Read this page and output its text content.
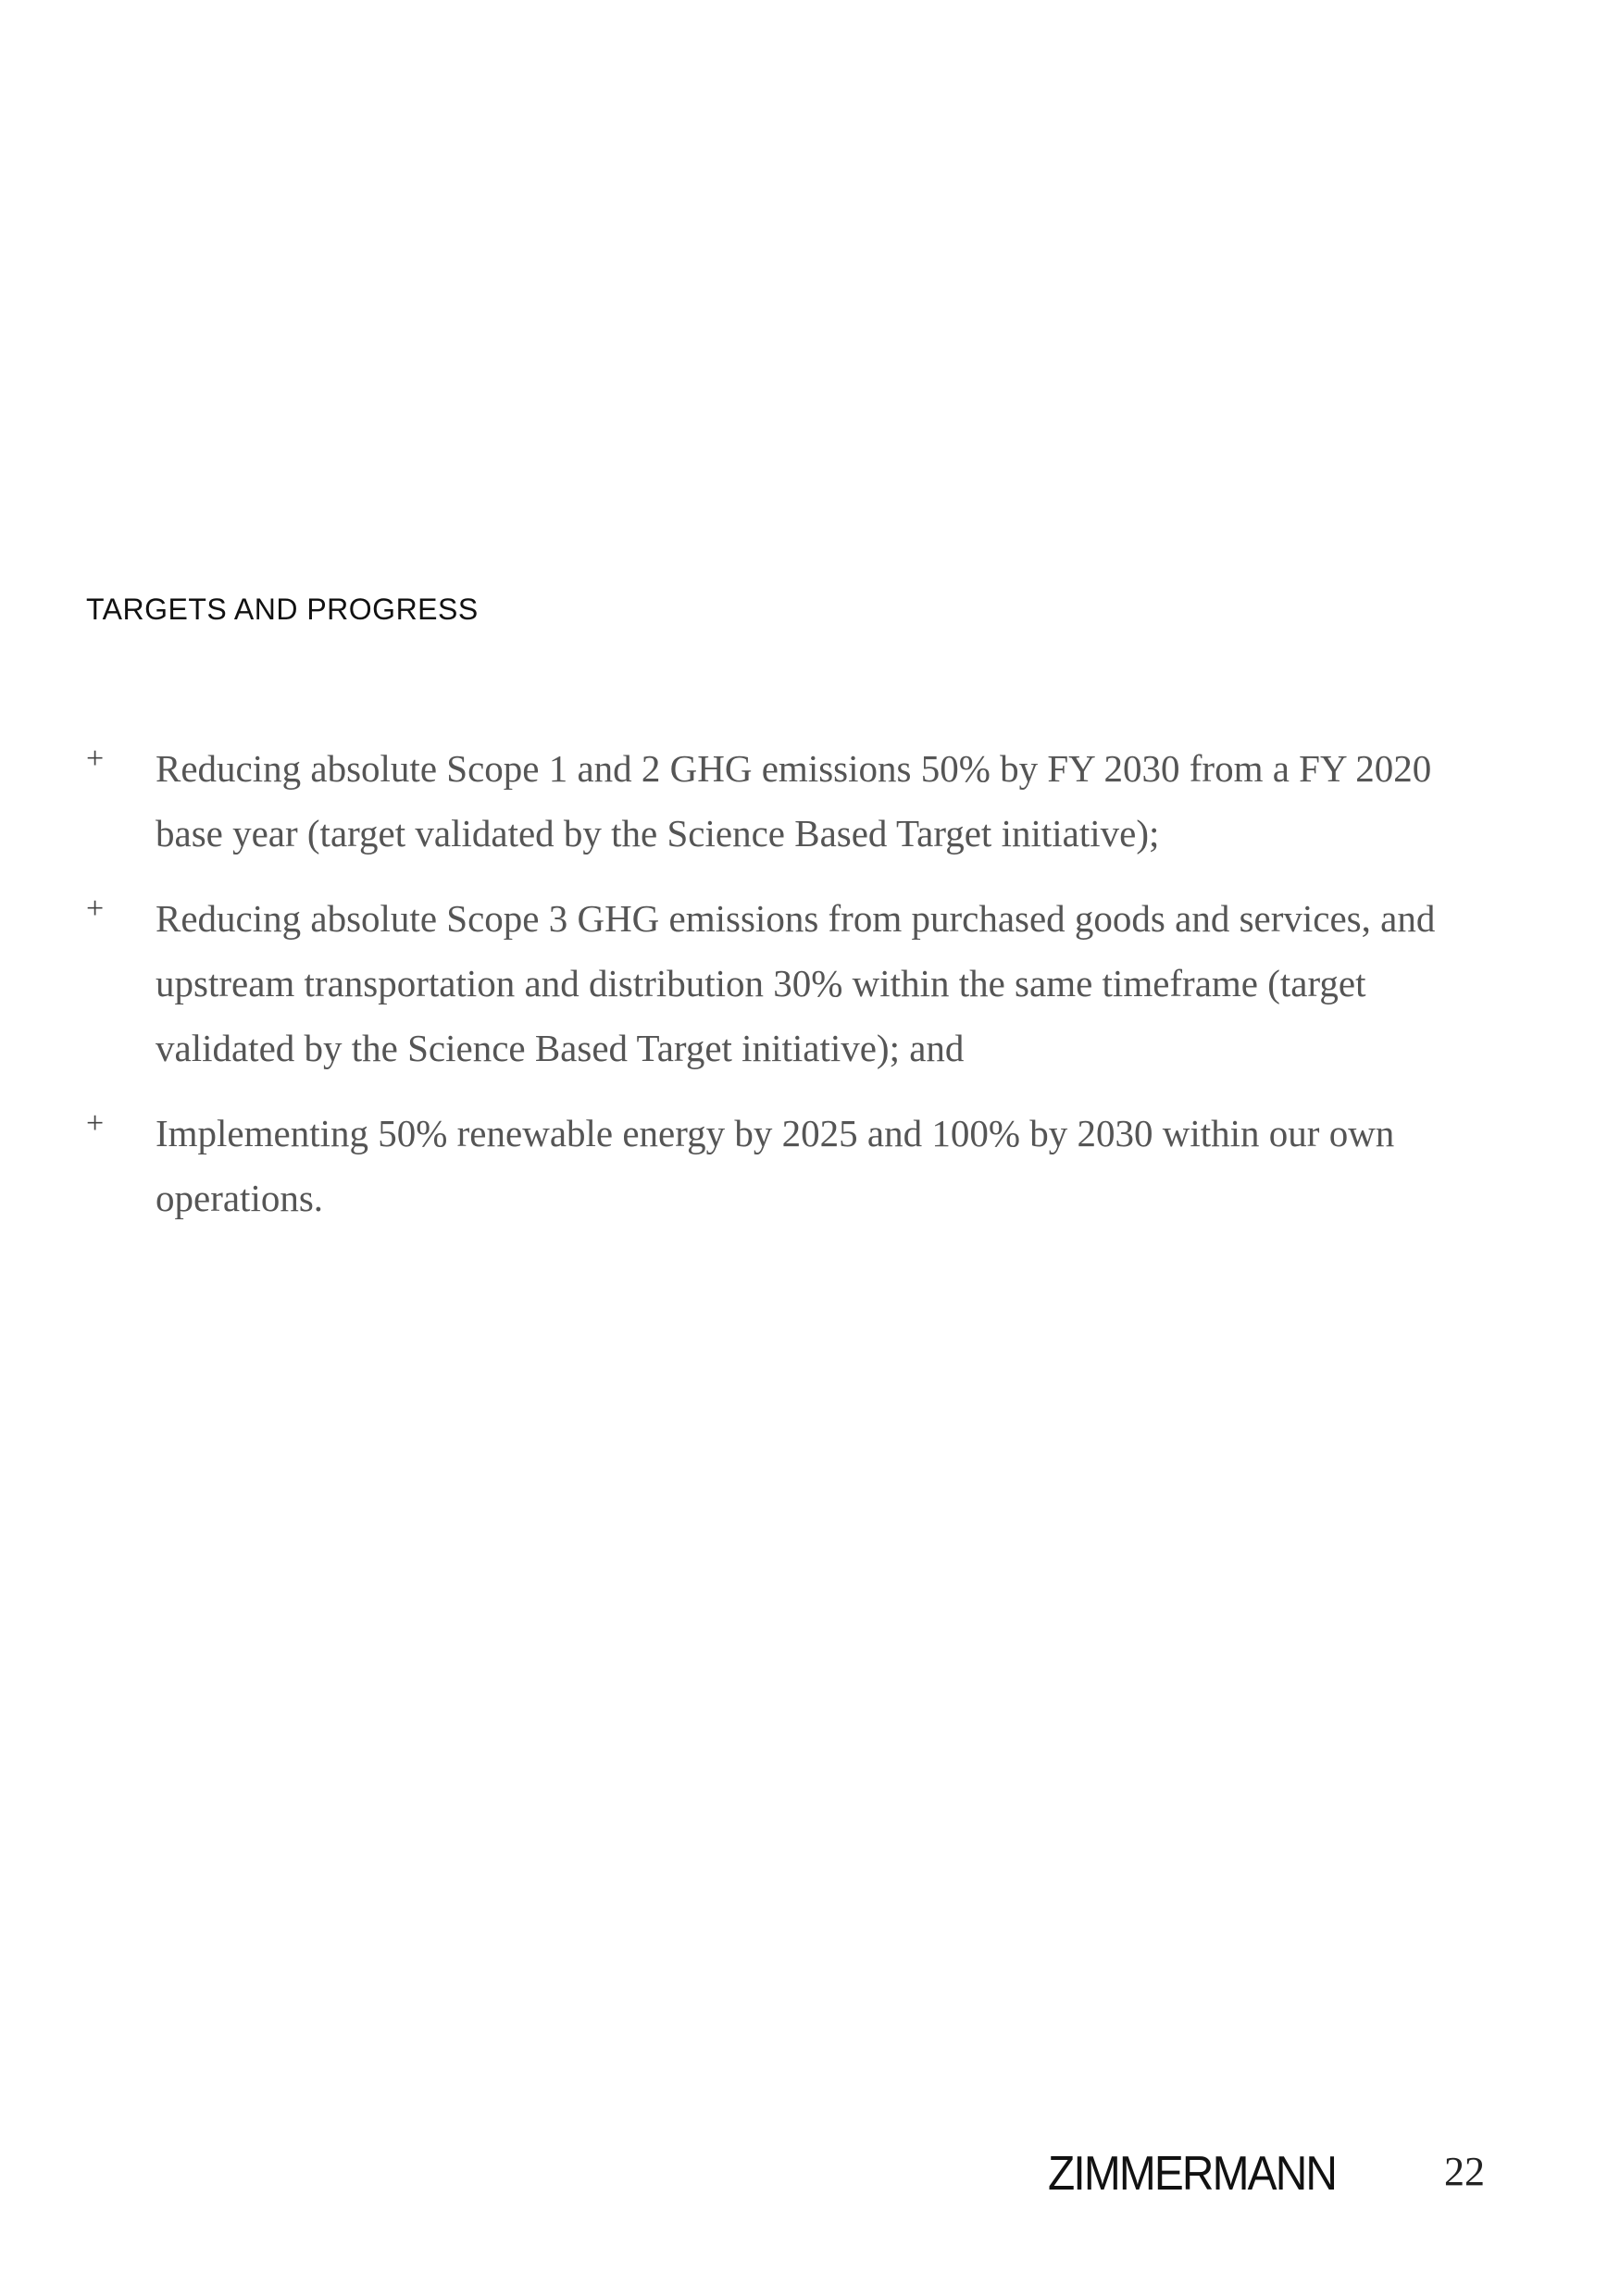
TARGETS AND PROGRESS
+ Reducing absolute Scope 1 and 2 GHG emissions 50% by FY 2030 from a FY 2020 base year (target validated by the Science Based Target initiative);
+ Reducing absolute Scope 3 GHG emissions from purchased goods and services, and upstream transportation and distribution 30% within the same timeframe (target validated by the Science Based Target initiative); and
+ Implementing 50% renewable energy by 2025 and 100% by 2030 within our own operations.
ZIMMERMANN	22
